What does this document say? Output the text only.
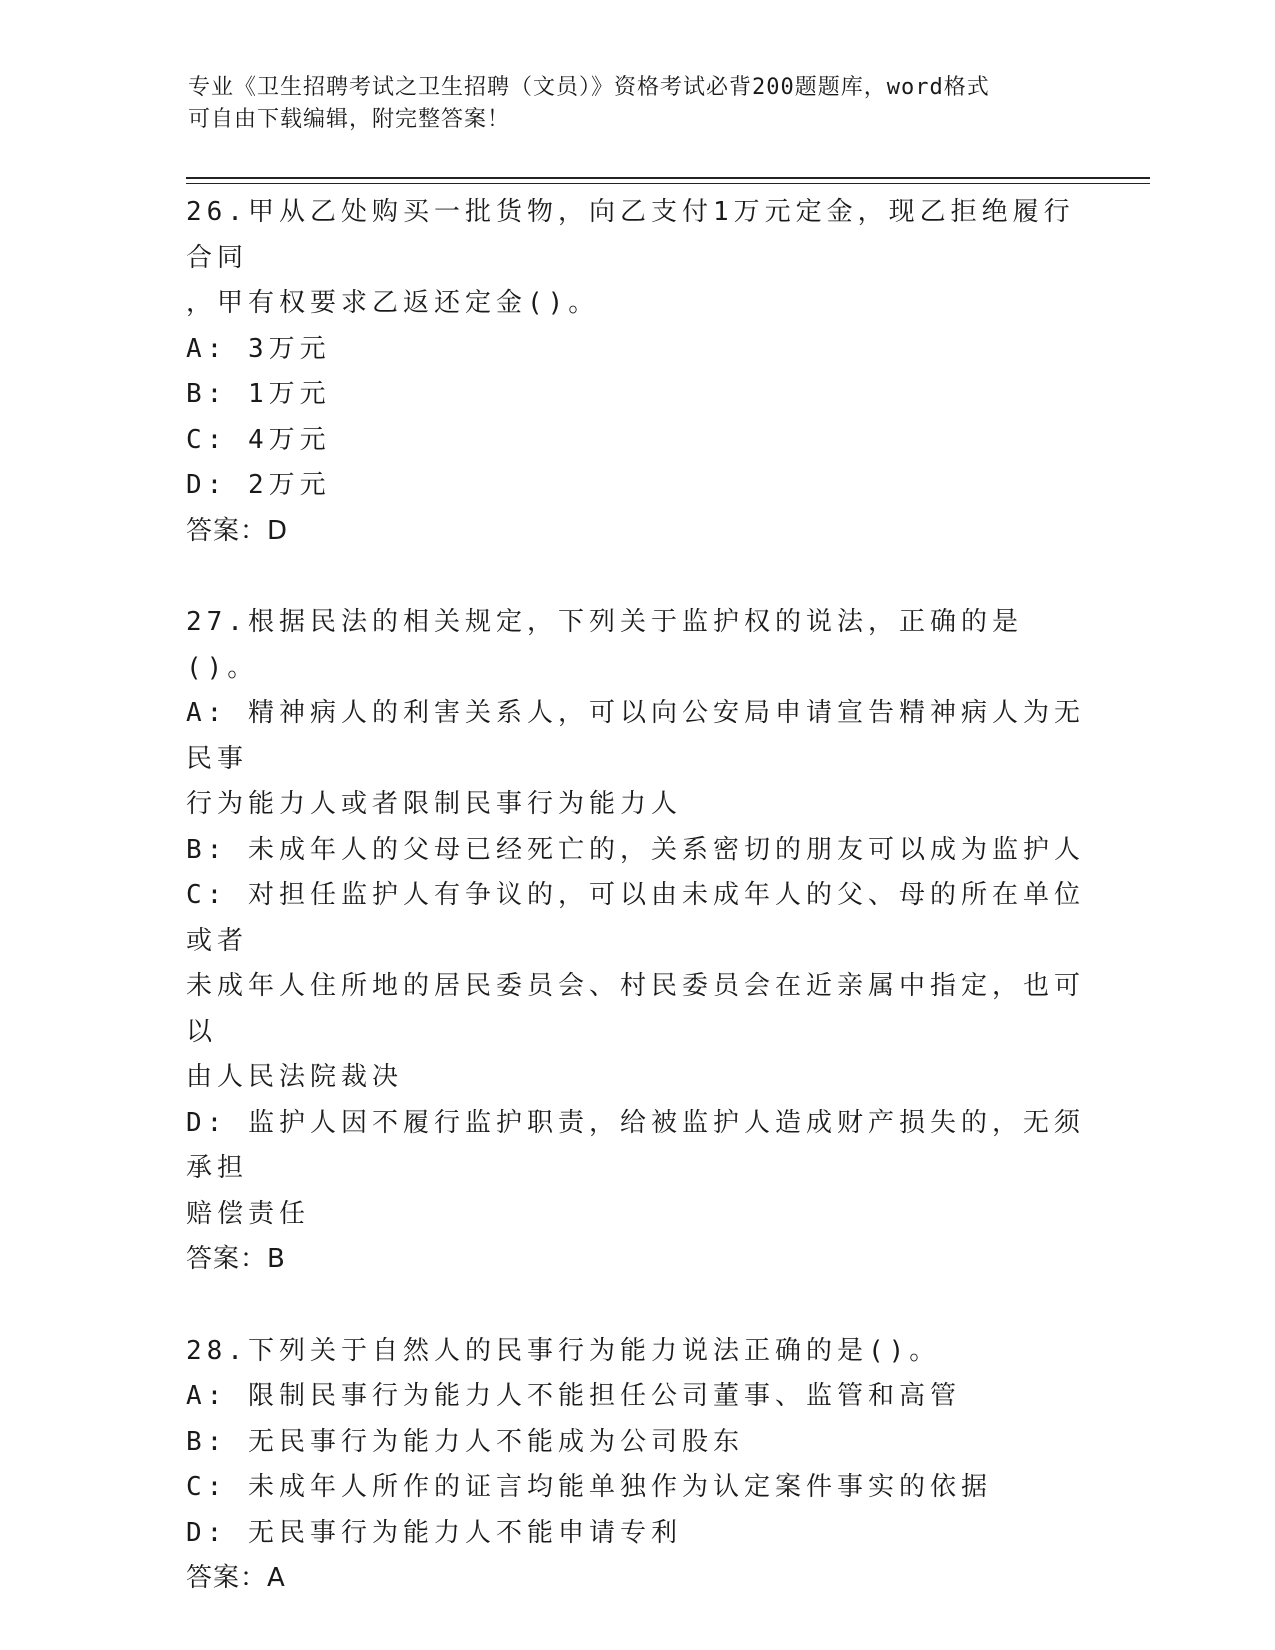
专业《卫生招聘考试之卫生招聘（文员）》资格考试必背200题题库，word格式
可自由下载编辑，附完整答案！
26.甲从乙处购买一批货物，向乙支付1万元定金，现乙拒绝履行合同
，甲有权要求乙返还定金()。
A: 3万元
B: 1万元
C: 4万元
D: 2万元
答案：D
27.根据民法的相关规定，下列关于监护权的说法，正确的是()。
A: 精神病人的利害关系人，可以向公安局申请宣告精神病人为无民事
行为能力人或者限制民事行为能力人
B: 未成年人的父母已经死亡的，关系密切的朋友可以成为监护人
C: 对担任监护人有争议的，可以由未成年人的父、母的所在单位或者
未成年人住所地的居民委员会、村民委员会在近亲属中指定，也可以
由人民法院裁决
D: 监护人因不履行监护职责，给被监护人造成财产损失的，无须承担
赔偿责任
答案：B
28.下列关于自然人的民事行为能力说法正确的是()。
A: 限制民事行为能力人不能担任公司董事、监管和高管
B: 无民事行为能力人不能成为公司股东
C: 未成年人所作的证言均能单独作为认定案件事实的依据
D: 无民事行为能力人不能申请专利
答案：A
